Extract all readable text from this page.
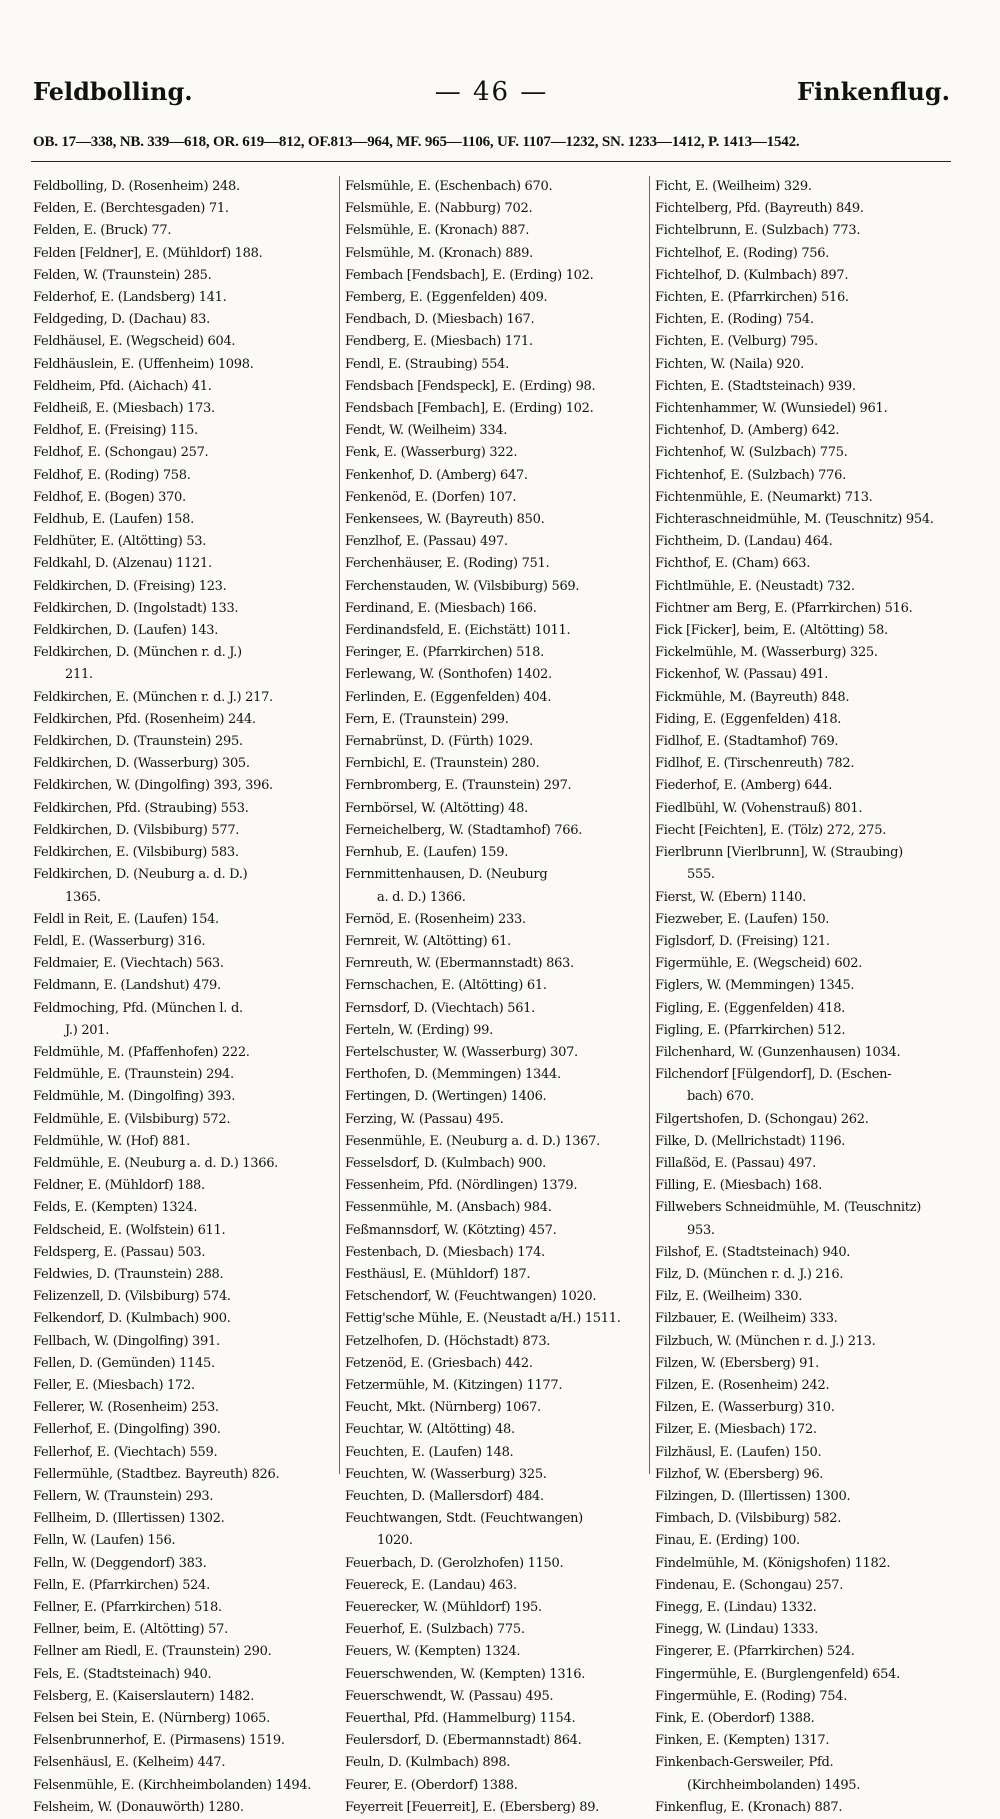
Feldbolling.	— 46 —	Finkenflug.
OB. 17—338, NB. 339—618, OR. 619—812, OF.813—964, MF. 965—1106, UF. 1107—1232, SN. 1233—1412, P. 1413—1542.
Feldbolling, D. (Rosenheim) 248.
Felden, E. (Berchtesgaden) 71.
Felden, E. (Bruck) 77.
Felden [Feldner], E. (Mühldorf) 188.
Felden, W. (Traunstein) 285.
Felderhof, E. (Landsberg) 141.
Feldgeding, D. (Dachau) 83.
Feldhäusel, E. (Wegscheid) 604.
Feldhäuslein, E. (Uffenheim) 1098.
Feldheim, Pfd. (Aichach) 41.
Feldheiß, E. (Miesbach) 173.
Feldhof, E. (Freising) 115.
Feldhof, E. (Schongau) 257.
Feldhof, E. (Roding) 758.
Feldhof, E. (Bogen) 370.
Feldhub, E. (Laufen) 158.
Feldhüter, E. (Altötting) 53.
Feldkahl, D. (Alzenau) 1121.
Feldkirchen, D. (Freising) 123.
Feldkirchen, D. (Ingolstadt) 133.
Feldkirchen, D. (Laufen) 143.
Feldkirchen, D. (München r. d. J.)
211.
Feldkirchen, E. (München r. d. J.) 217.
Feldkirchen, Pfd. (Rosenheim) 244.
Feldkirchen, D. (Traunstein) 295.
Feldkirchen, D. (Wasserburg) 305.
Feldkirchen, W. (Dingolfing) 393, 396.
Feldkirchen, Pfd. (Straubing) 553.
Feldkirchen, D. (Vilsbiburg) 577.
Feldkirchen, E. (Vilsbiburg) 583.
Feldkirchen, D. (Neuburg a. d. D.)
1365.
Feldl in Reit, E. (Laufen) 154.
Feldl, E. (Wasserburg) 316.
Feldmaier, E. (Viechtach) 563.
Feldmann, E. (Landshut) 479.
Feldmoching, Pfd. (München l. d.
J.) 201.
Feldmühle, M. (Pfaffenhofen) 222.
Feldmühle, E. (Traunstein) 294.
Feldmühle, M. (Dingolfing) 393.
Feldmühle, E. (Vilsbiburg) 572.
Feldmühle, W. (Hof) 881.
Feldmühle, E. (Neuburg a. d. D.) 1366.
Feldner, E. (Mühldorf) 188.
Felds, E. (Kempten) 1324.
Feldscheid, E. (Wolfstein) 611.
Feldsperg, E. (Passau) 503.
Feldwies, D. (Traunstein) 288.
Felizenzell, D. (Vilsbiburg) 574.
Felkendorf, D. (Kulmbach) 900.
Fellbach, W. (Dingolfing) 391.
Fellen, D. (Gemünden) 1145.
Feller, E. (Miesbach) 172.
Fellerer, W. (Rosenheim) 253.
Fellerhof, E. (Dingolfing) 390.
Fellerhof, E. (Viechtach) 559.
Fellermühle, (Stadtbez. Bayreuth) 826.
Fellern, W. (Traunstein) 293.
Fellheim, D. (Illertissen) 1302.
Felln, W. (Laufen) 156.
Felln, W. (Deggendorf) 383.
Felln, E. (Pfarrkirchen) 524.
Fellner, E. (Pfarrkirchen) 518.
Fellner, beim, E. (Altötting) 57.
Fellner am Riedl, E. (Traunstein) 290.
Fels, E. (Stadtsteinach) 940.
Felsberg, E. (Kaiserslautern) 1482.
Felsen bei Stein, E. (Nürnberg) 1065.
Felsenbrunnerhof, E. (Pirmasens) 1519.
Felsenhäusl, E. (Kelheim) 447.
Felsenmühle, E. (Kirchheimbolanden) 1494.
Felsheim, W. (Donauwörth) 1280.
Felsmühle, E. (Eschenbach) 670.
Felsmühle, E. (Nabburg) 702.
Felsmühle, E. (Kronach) 887.
Felsmühle, M. (Kronach) 889.
Fembach [Fendsbach], E. (Erding) 102.
Femberg, E. (Eggenfelden) 409.
Fendbach, D. (Miesbach) 167.
Fendberg, E. (Miesbach) 171.
Fendl, E. (Straubing) 554.
Fendsbach [Fendspeck], E. (Erding) 98.
Fendsbach [Fembach], E. (Erding) 102.
Fendt, W. (Weilheim) 334.
Fenk, E. (Wasserburg) 322.
Fenkenhof, D. (Amberg) 647.
Fenkenöd, E. (Dorfen) 107.
Fenkensees, W. (Bayreuth) 850.
Fenzlhof, E. (Passau) 497.
Ferchenhäuser, E. (Roding) 751.
Ferchenstauden, W. (Vilsbiburg) 569.
Ferdinand, E. (Miesbach) 166.
Ferdinandsfeld, E. (Eichstätt) 1011.
Feringer, E. (Pfarrkirchen) 518.
Ferlewang, W. (Sonthofen) 1402.
Ferlinden, E. (Eggenfelden) 404.
Fern, E. (Traunstein) 299.
Fernabrünst, D. (Fürth) 1029.
Fernbichl, E. (Traunstein) 280.
Fernbromberg, E. (Traunstein) 297.
Fernbörsel, W. (Altötting) 48.
Ferneichelberg, W. (Stadtamhof) 766.
Fernhub, E. (Laufen) 159.
Fernmittenhausen, D. (Neuburg
a. d. D.) 1366.
Fernöd, E. (Rosenheim) 233.
Fernreit, W. (Altötting) 61.
Fernreuth, W. (Ebermannstadt) 863.
Fernschachen, E. (Altötting) 61.
Fernsdorf, D. (Viechtach) 561.
Ferteln, W. (Erding) 99.
Fertelschuster, W. (Wasserburg) 307.
Ferthofen, D. (Memmingen) 1344.
Fertingen, D. (Wertingen) 1406.
Ferzing, W. (Passau) 495.
Fesenmühle, E. (Neuburg a. d. D.) 1367.
Fesselsdorf, D. (Kulmbach) 900.
Fessenheim, Pfd. (Nördlingen) 1379.
Fessenmühle, M. (Ansbach) 984.
Feßmannsdorf, W. (Kötzting) 457.
Festenbach, D. (Miesbach) 174.
Festhäusl, E. (Mühldorf) 187.
Fetschendorf, W. (Feuchtwangen) 1020.
Fettig'sche Mühle, E. (Neustadt a/H.) 1511.
Fetzelhofen, D. (Höchstadt) 873.
Fetzenöd, E. (Griesbach) 442.
Fetzermühle, M. (Kitzingen) 1177.
Feucht, Mkt. (Nürnberg) 1067.
Feuchtar, W. (Altötting) 48.
Feuchten, E. (Laufen) 148.
Feuchten, W. (Wasserburg) 325.
Feuchten, D. (Mallersdorf) 484.
Feuchtwangen, Stdt. (Feuchtwangen)
1020.
Feuerbach, D. (Gerolzhofen) 1150.
Feuereck, E. (Landau) 463.
Feuerecker, W. (Mühldorf) 195.
Feuerhof, E. (Sulzbach) 775.
Feuers, W. (Kempten) 1324.
Feuerschwenden, W. (Kempten) 1316.
Feuerschwendt, W. (Passau) 495.
Feuerthal, Pfd. (Hammelburg) 1154.
Feulersdorf, D. (Ebermannstadt) 864.
Feuln, D. (Kulmbach) 898.
Feurer, E. (Oberdorf) 1388.
Feyerreit [Feuerreit], E. (Ebersberg) 89.
Ficht, E. (Weilheim) 329.
Fichtelberg, Pfd. (Bayreuth) 849.
Fichtelbrunn, E. (Sulzbach) 773.
Fichtelhof, E. (Roding) 756.
Fichtelhof, D. (Kulmbach) 897.
Fichten, E. (Pfarrkirchen) 516.
Fichten, E. (Roding) 754.
Fichten, E. (Velburg) 795.
Fichten, W. (Naila) 920.
Fichten, E. (Stadtsteinach) 939.
Fichtenhammer, W. (Wunsiedel) 961.
Fichtenhof, D. (Amberg) 642.
Fichtenhof, W. (Sulzbach) 775.
Fichtenhof, E. (Sulzbach) 776.
Fichtenmühle, E. (Neumarkt) 713.
Fichteraschneidmühle, M. (Teuschnitz) 954.
Fichtheim, D. (Landau) 464.
Fichthof, E. (Cham) 663.
Fichtlmühle, E. (Neustadt) 732.
Fichtner am Berg, E. (Pfarrkirchen) 516.
Fick [Ficker], beim, E. (Altötting) 58.
Fickelmühle, M. (Wasserburg) 325.
Fickenhof, W. (Passau) 491.
Fickmühle, M. (Bayreuth) 848.
Fiding, E. (Eggenfelden) 418.
Fidlhof, E. (Stadtamhof) 769.
Fidlhof, E. (Tirschenreuth) 782.
Fiederhof, E. (Amberg) 644.
Fiedlbühl, W. (Vohenstrauß) 801.
Fiecht [Feichten], E. (Tölz) 272, 275.
Fierlbrunn [Vierlbrunn], W. (Straubing)
555.
Fierst, W. (Ebern) 1140.
Fiezweber, E. (Laufen) 150.
Figlsdorf, D. (Freising) 121.
Figermühle, E. (Wegscheid) 602.
Figlers, W. (Memmingen) 1345.
Figling, E. (Eggenfelden) 418.
Figling, E. (Pfarrkirchen) 512.
Filchenhard, W. (Gunzenhausen) 1034.
Filchendorf [Fülgendorf], D. (Eschen-
bach) 670.
Filgertshofen, D. (Schongau) 262.
Filke, D. (Mellrichstadt) 1196.
Fillaßöd, E. (Passau) 497.
Filling, E. (Miesbach) 168.
Fillwebers Schneidmühle, M. (Teuschnitz)
953.
Filshof, E. (Stadtsteinach) 940.
Filz, D. (München r. d. J.) 216.
Filz, E. (Weilheim) 330.
Filzbauer, E. (Weilheim) 333.
Filzbuch, W. (München r. d. J.) 213.
Filzen, W. (Ebersberg) 91.
Filzen, E. (Rosenheim) 242.
Filzen, E. (Wasserburg) 310.
Filzer, E. (Miesbach) 172.
Filzhäusl, E. (Laufen) 150.
Filzhof, W. (Ebersberg) 96.
Filzingen, D. (Illertissen) 1300.
Fimbach, D. (Vilsbiburg) 582.
Finau, E. (Erding) 100.
Findelmühle, M. (Königshofen) 1182.
Findenau, E. (Schongau) 257.
Finegg, E. (Lindau) 1332.
Finegg, W. (Lindau) 1333.
Fingerer, E. (Pfarrkirchen) 524.
Fingermühle, E. (Burglengenfeld) 654.
Fingermühle, E. (Roding) 754.
Fink, E. (Oberdorf) 1388.
Finken, E. (Kempten) 1317.
Finkenbach-Gersweiler, Pfd.
(Kirchheimbolanden) 1495.
Finkenflug, E. (Kronach) 887.
